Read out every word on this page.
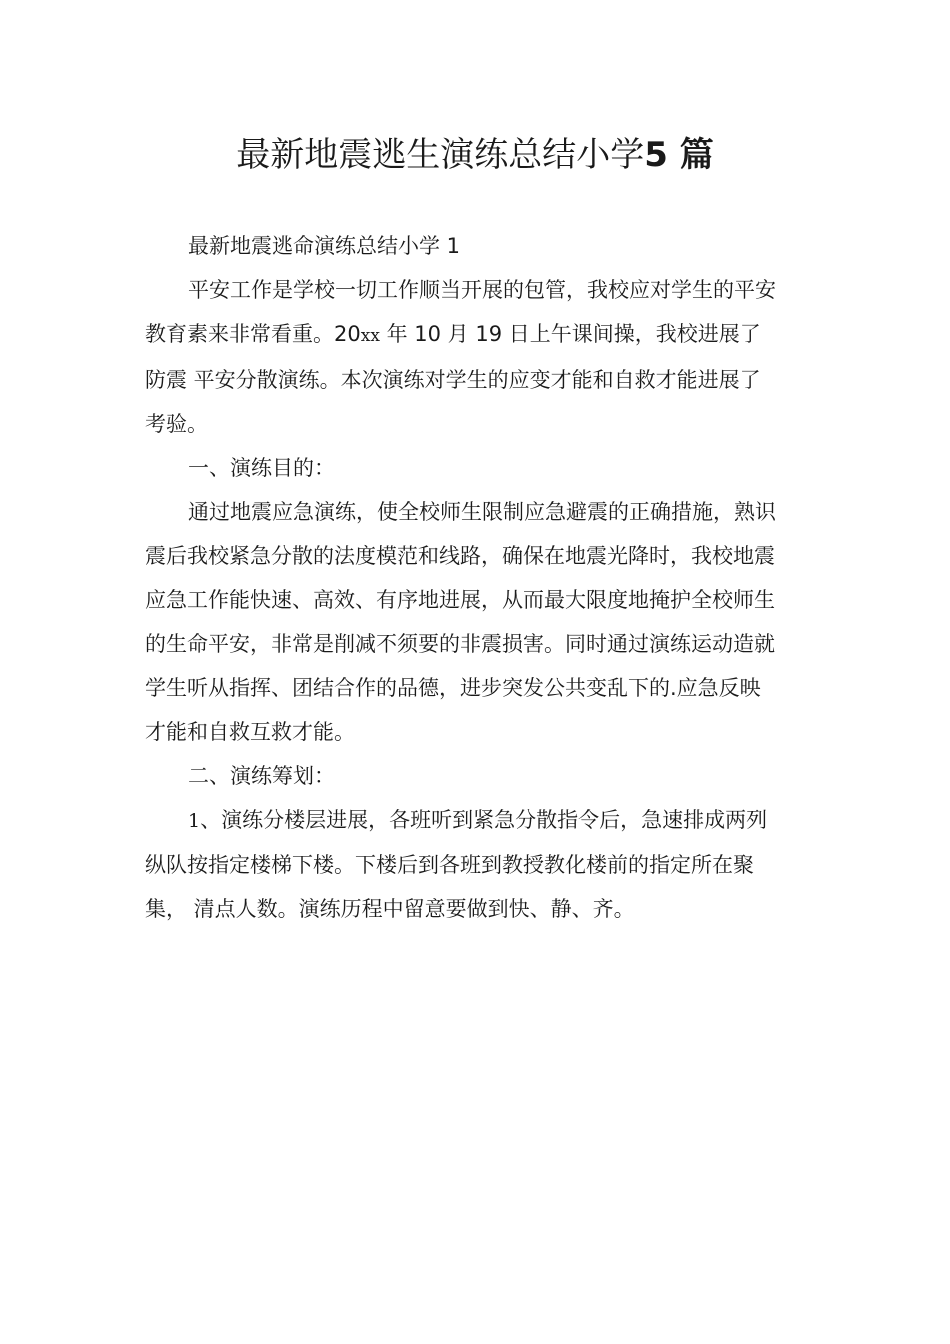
最新地震逃生演练总结小学5 篇

最新地震逃命演练总结小学 1

平安工作是学校一切工作顺当开展的包管，我校应对学生的平安
教育素来非常看重。20xx 年 10 月 19 日上午课间操，我校进展了
防震 平安分散演练。本次演练对学生的应变才能和自救才能进展了
考验。

一、演练目的：

通过地震应急演练，使全校师生限制应急避震的正确措施，熟识
震后我校紧急分散的法度模范和线路，确保在地震光降时，我校地震
应急工作能快速、高效、有序地进展，从而最大限度地掩护全校师生
的生命平安，非常是削减不须要的非震损害。同时通过演练运动造就
学生听从指挥、团结合作的品德，进步突发公共变乱下的.应急反映
才能和自救互救才能。

二、演练筹划：

1、演练分楼层进展，各班听到紧急分散指令后，急速排成两列
纵队按指定楼梯下楼。下楼后到各班到教授教化楼前的指定所在聚
集， 清点人数。演练历程中留意要做到快、静、齐。
